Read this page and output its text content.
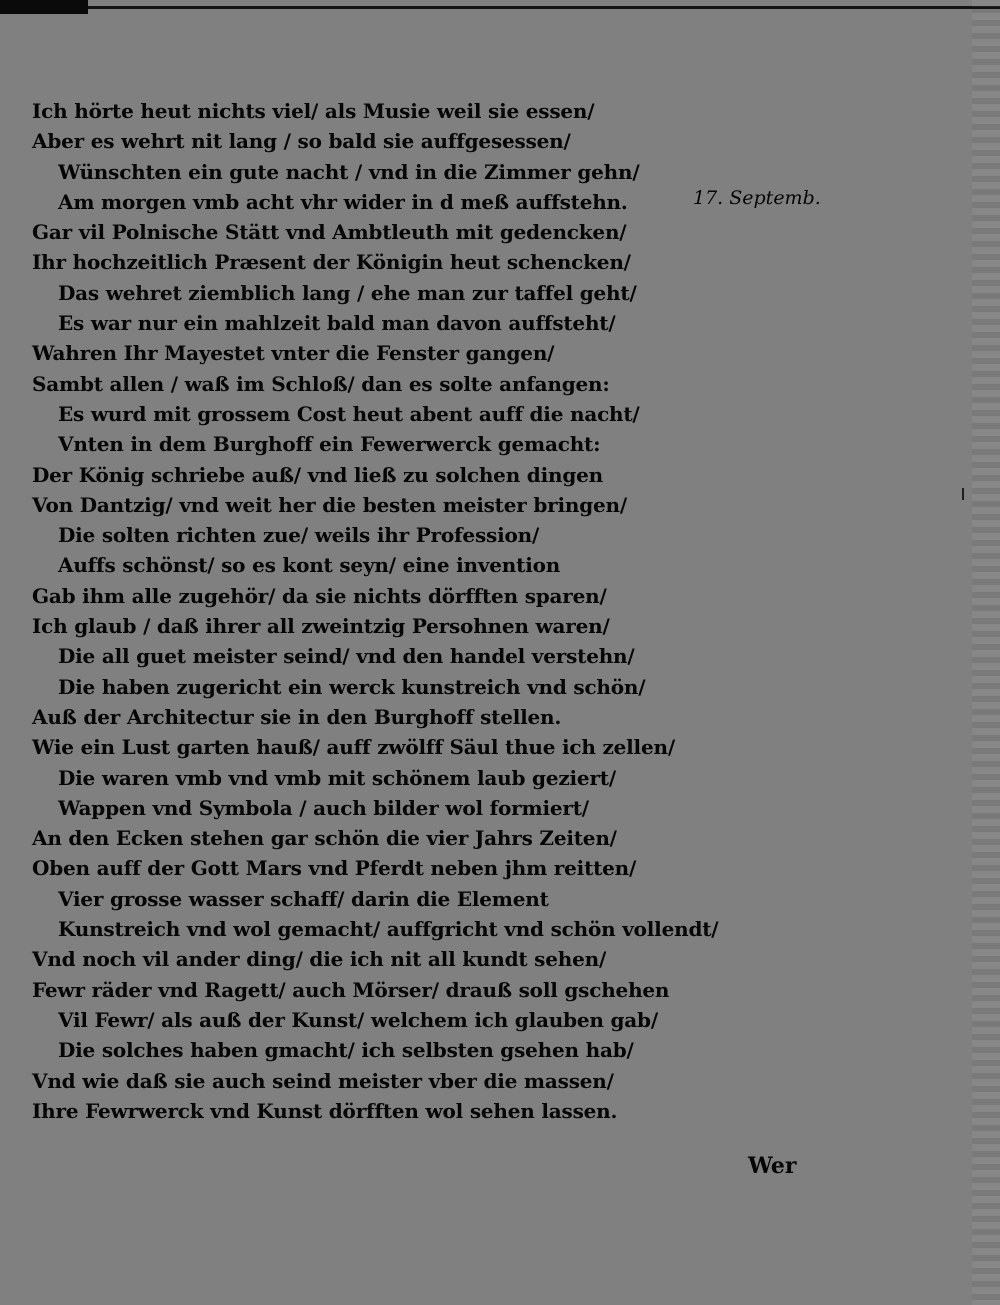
Ich hörte heut nichts viel/ als Musie weil sie essen/
Aber es wehrt nit lang / so bald sie auffgesessen/
Wünschten ein gute nacht / vnd in die Zimmer gehn/
Am morgen vmb acht vhr wider in d meß auffstehn.
Gar vil Polnische Stätt vnd Ambtleuth mit gedencken/
Ihr hochzeitlich Præsent der Königin heut schencken/
Das wehret ziemblich lang / ehe man zur taffel geht/
Es war nur ein mahlzeit bald man davon auffsteht/
Wahren Ihr Mayestet vnter die Fenster gangen/
Sambt allen / waß im Schloß/ dan es solte anfangen:
Es wurd mit grossem Cost heut abent auff die nacht/
Vnten in dem Burghoff ein Fewerwerck gemacht:
Der König schriebe auß/ vnd ließ zu solchen dingen
Von Dantzig/ vnd weit her die besten meister bringen/
Die solten richten zue/ weils ihr Profession/
Auffs schönst/ so es kont seyn/ eine invention
Gab ihm alle zugehör/ da sie nichts dörfften sparen/
Ich glaub / daß ihrer all zweintzig Persohnen waren/
Die all guet meister seind/ vnd den handel verstehn/
Die haben zugericht ein werck kunstreich vnd schön/
Auß der Architectur sie in den Burghoff stellen.
Wie ein Lust garten hauß/ auff zwölff Säul thue ich zellen/
Die waren vmb vnd vmb mit schönem laub geziert/
Wappen vnd Symbola / auch bilder wol formiert/
An den Ecken stehen gar schön die vier Jahrs Zeiten/
Oben auff der Gott Mars vnd Pferdt neben jhm reitten/
Vier grosse wasser schaff/ darin die Element
Kunstreich vnd wol gemacht/ auffgricht vnd schön vollendt/
Vnd noch vil ander ding/ die ich nit all kundt sehen/
Fewr räder vnd Ragett/ auch Mörser/ drauß soll gschehen
Vil Fewr/ als auß der Kunst/ welchem ich glauben gab/
Die solches haben gmacht/ ich selbsten gsehen hab/
Vnd wie daß sie auch seind meister vber die massen/
Ihre Fewrwerck vnd Kunst dörfften wol sehen lassen.
17. Septemb.
Wer
